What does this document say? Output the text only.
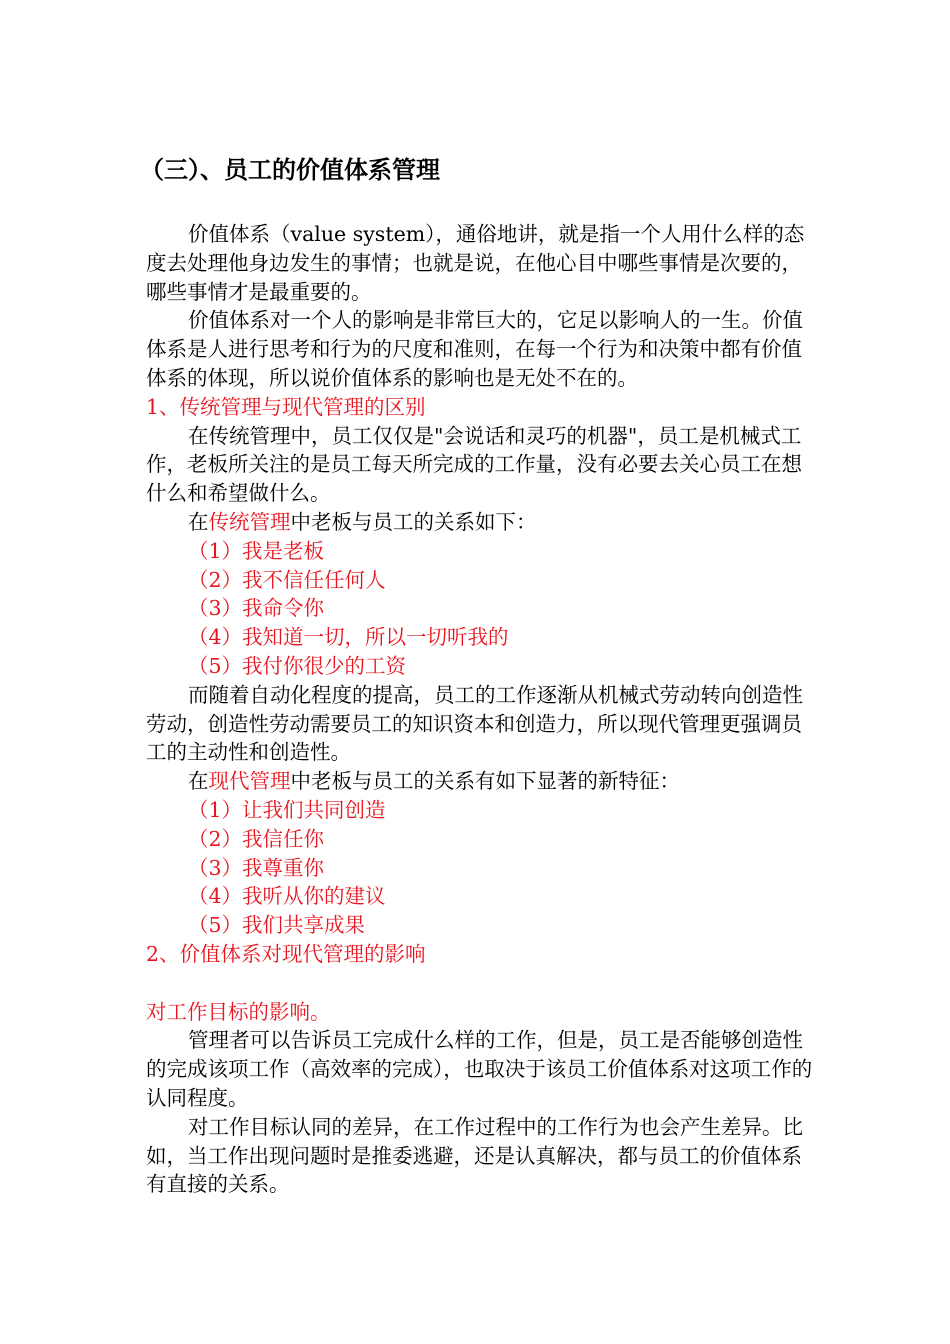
（三）、员工的价值体系管理

价值体系（value system），通俗地讲，就是指一个人用什么样的态度去处理他身边发生的事情；也就是说，在他心目中哪些事情是次要的，哪些事情才是最重要的。

价值体系对一个人的影响是非常巨大的，它足以影响人的一生。价值体系是人进行思考和行为的尺度和准则，在每一个行为和决策中都有价值体系的体现，所以说价值体系的影响也是无处不在的。

1、传统管理与现代管理的区别

在传统管理中，员工仅仅是"会说话和灵巧的机器"，员工是机械式工作，老板所关注的是员工每天所完成的工作量，没有必要去关心员工在想什么和希望做什么。

在传统管理中老板与员工的关系如下：

（1）我是老板

（2）我不信任任何人

（3）我命令你

（4）我知道一切，所以一切听我的

（5）我付你很少的工资

而随着自动化程度的提高，员工的工作逐渐从机械式劳动转向创造性劳动，创造性劳动需要员工的知识资本和创造力，所以现代管理更强调员工的主动性和创造性。

在现代管理中老板与员工的关系有如下显著的新特征：

（1）让我们共同创造

（2）我信任你

（3）我尊重你

（4）我听从你的建议

（5）我们共享成果

2、价值体系对现代管理的影响

对工作目标的影响。

管理者可以告诉员工完成什么样的工作，但是，员工是否能够创造性的完成该项工作（高效率的完成），也取决于该员工价值体系对这项工作的认同程度。

对工作目标认同的差异，在工作过程中的工作行为也会产生差异。比如，当工作出现问题时是推委逃避，还是认真解决，都与员工的价值体系有直接的关系。
